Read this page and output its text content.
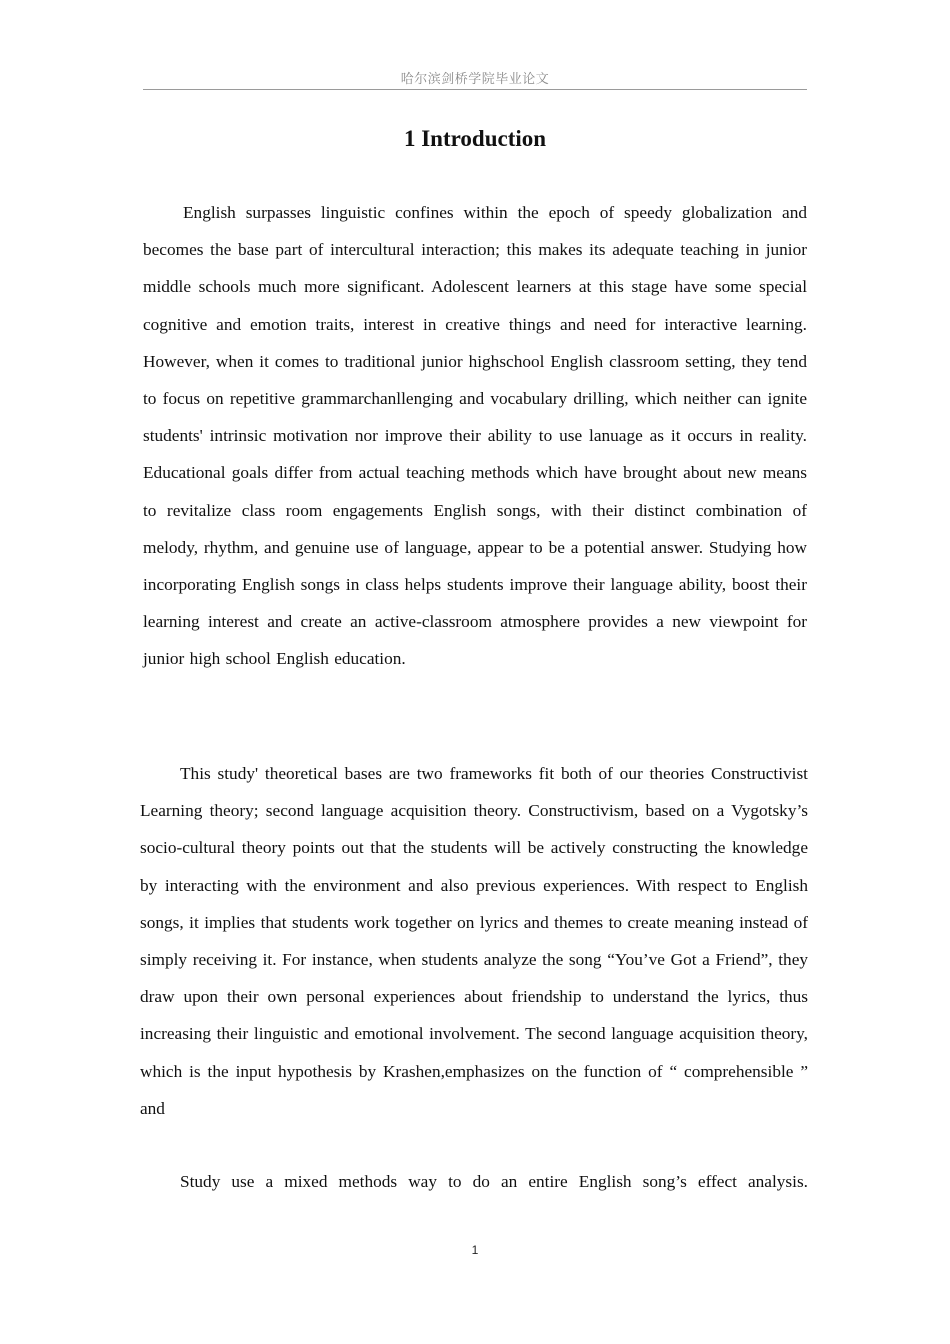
哈尔滨剑桥学院毕业论文
1 Introduction

English surpasses linguistic confines within the epoch of speedy globalization and becomes the base part of intercultural interaction; this makes its adequate teaching in junior middle schools much more significant. Adolescent learners at this stage have some special cognitive and emotion traits, interest in creative things and need for interactive learning. However, when it comes to traditional junior highschool English classroom setting, they tend to focus on repetitive grammarchanllenging and vocabulary drilling, which neither can ignite students' intrinsic motivation nor improve their ability to use lanuage as it occurs in reality. Educational goals differ from actual teaching methods which have brought about new means to revitalize class room engagements English songs, with their distinct combination of melody, rhythm, and genuine use of language, appear to be a potential answer. Studying how incorporating English songs in class helps students improve their language ability, boost their learning interest and create an active-classroom atmosphere provides a new viewpoint for junior high school English education.

This study' theoretical bases are two frameworks fit both of our theories Constructivist Learning theory; second language acquisition theory. Constructivism, based on a Vygotsky’s socio-cultural theory points out that the students will be actively constructing the knowledge by interacting with the environment and also previous experiences. With respect to English songs, it implies that students work together on lyrics and themes to create meaning instead of simply receiving it. For instance, when students analyze the song “You’ve Got a Friend”, they draw upon their own personal experiences about friendship to understand the lyrics, thus increasing their linguistic and emotional involvement. The second language acquisition theory, which is the input hypothesis by Krashen,emphasizes on the function of “ comprehensible ” and

Study use a mixed methods way to do an entire English song’s effect analysis.

1
